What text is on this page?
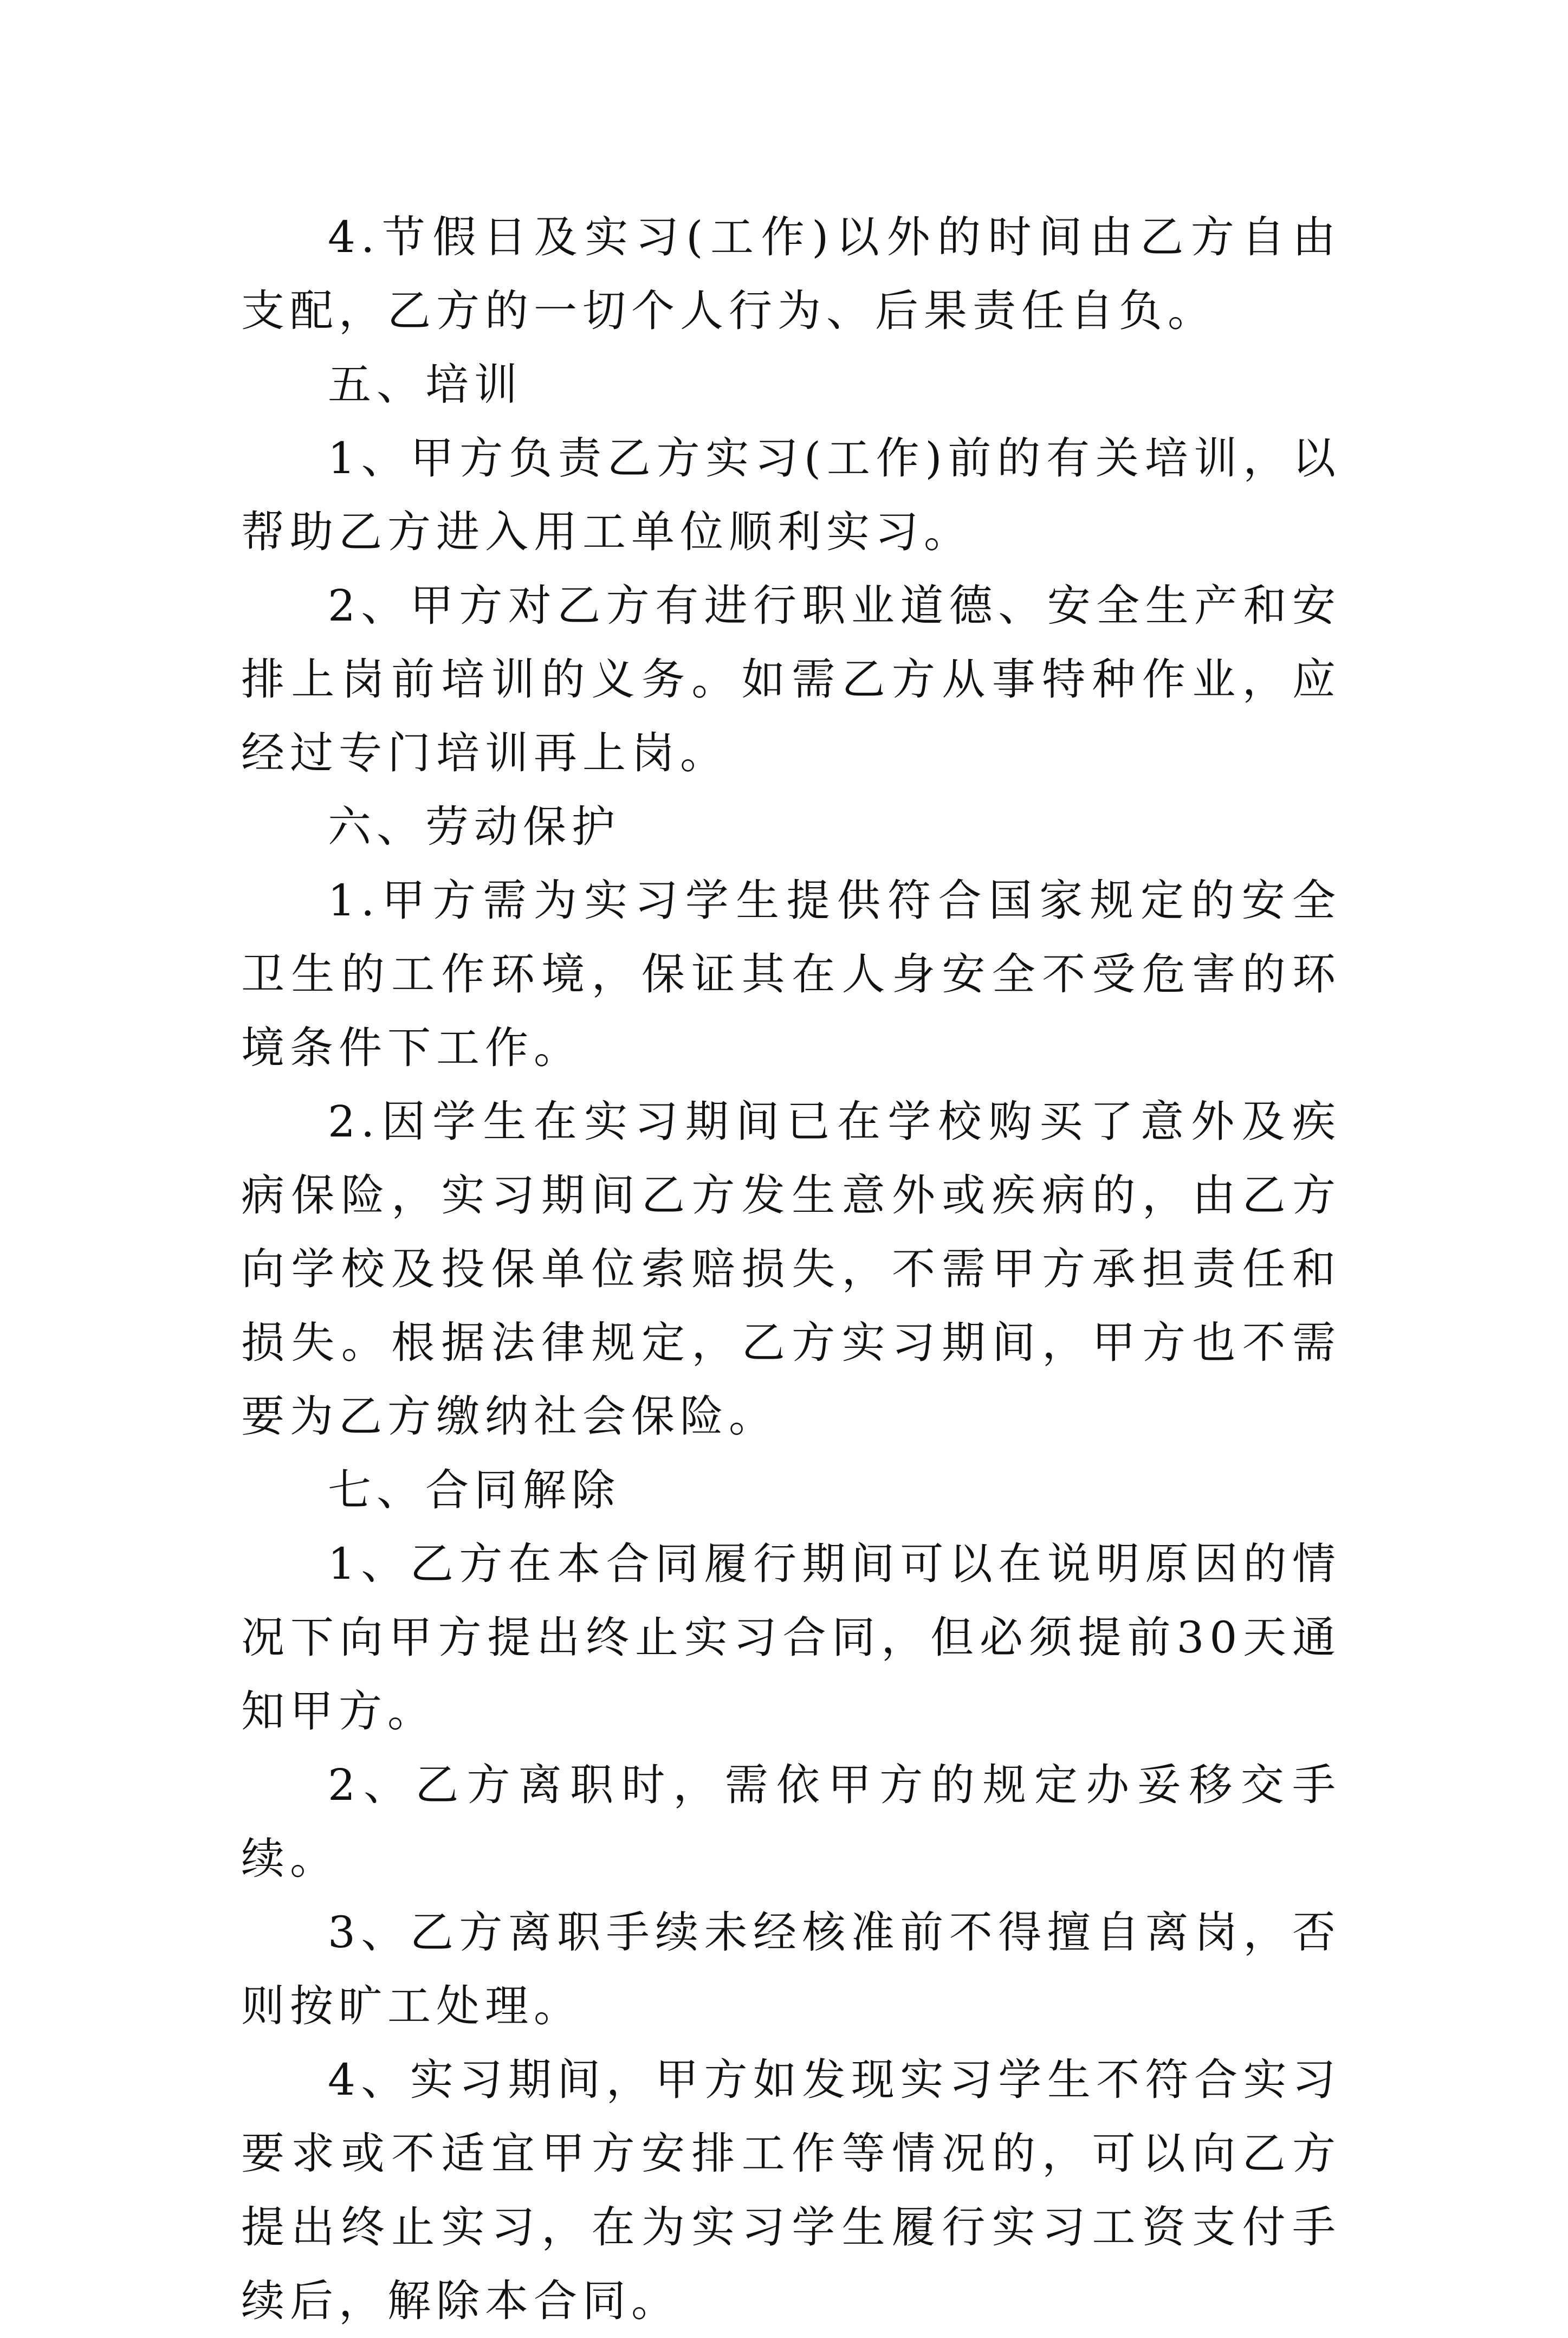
4.节假日及实习(工作)以外的时间由乙方自由支配，乙方的一切个人行为、后果责任自负。

五、培训

1、甲方负责乙方实习(工作)前的有关培训，以帮助乙方进入用工单位顺利实习。

2、甲方对乙方有进行职业道德、安全生产和安排上岗前培训的义务。如需乙方从事特种作业，应经过专门培训再上岗。

六、劳动保护

1.甲方需为实习学生提供符合国家规定的安全卫生的工作环境，保证其在人身安全不受危害的环境条件下工作。

2.因学生在实习期间已在学校购买了意外及疾病保险，实习期间乙方发生意外或疾病的，由乙方向学校及投保单位索赔损失，不需甲方承担责任和损失。根据法律规定，乙方实习期间，甲方也不需要为乙方缴纳社会保险。

七、合同解除

1、乙方在本合同履行期间可以在说明原因的情况下向甲方提出终止实习合同，但必须提前30天通知甲方。

2、乙方离职时，需依甲方的规定办妥移交手续。

3、乙方离职手续未经核准前不得擅自离岗，否则按旷工处理。

4、实习期间，甲方如发现实习学生不符合实习要求或不适宜甲方安排工作等情况的，可以向乙方提出终止实习，在为实习学生履行实习工资支付手续后，解除本合同。
